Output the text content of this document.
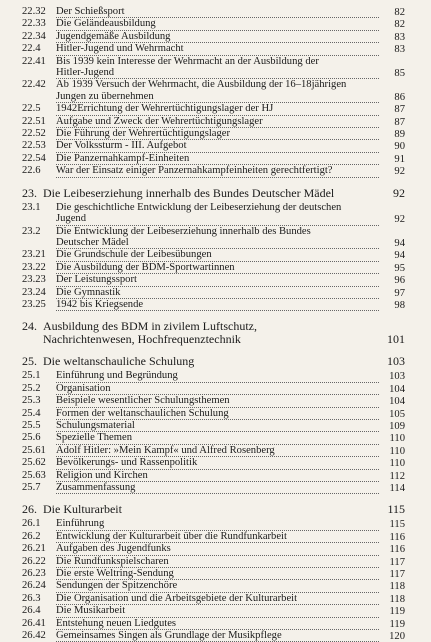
22.32 Der Schießsport	82
22.33 Die Geländeausbildung	82
22.34 Jugendgemäße Ausbildung	83
22.4	Hitler-Jugend und Wehrmacht	83
22.41 Bis 1939 kein Interesse der Wehrmacht an der Ausbildung der Hitler-Jugend	85
22.42 Ab 1939 Versuch der Wehrmacht, die Ausbildung der 16–18jährigen Jungen zu übernehmen	86
22.5	1942Errichtung der Wehrertüchtigungslager der HJ	87
22.51 Aufgabe und Zweck der Wehrertüchtigungslager	87
22.52 Die Führung der Wehrertüchtigungslager	89
22.53 Der Volkssturm - III. Aufgebot	90
22.54 Die Panzernahkampf-Einheiten	91
22.6	War der Einsatz einiger Panzernahkampfeinheiten gerechtfertigt?	92
23. Die Leibeserziehung innerhalb des Bundes Deutscher Mädel	92
23.1	Die geschichtliche Entwicklung der Leibeserziehung der deutschen Jugend	92
23.2	Die Entwicklung der Leibeserziehung innerhalb des Bundes Deutscher Mädel	94
23.21 Die Grundschule der Leibesübungen	94
23.22 Die Ausbildung der BDM-Sportwartinnen	95
23.23 Der Leistungssport	96
23.24 Die Gymnastik	97
23.25 1942 bis Kriegsende	98
24. Ausbildung des BDM in zivilem Luftschutz, Nachrichtenwesen, Hochfrequenztechnik	101
25. Die weltanschauliche Schulung	103
25.1	Einführung und Begründung	103
25.2	Organisation	104
25.3	Beispiele wesentlicher Schulungsthemen	104
25.4	Formen der weltanschaulichen Schulung	105
25.5	Schulungsmaterial	109
25.6	Spezielle Themen	110
25.61 Adolf Hitler: »Mein Kampf« und Alfred Rosenberg	110
25.62 Bevölkerungs- und Rassenpolitik	110
25.63 Religion und Kirchen	112
25.7	Zusammenfassung	114
26. Die Kulturarbeit	115
26.1	Einführung	115
26.2	Entwicklung der Kulturarbeit über die Rundfunkarbeit	116
26.21 Aufgaben des Jugendfunks	116
26.22 Die Rundfunkspielscharen	117
26.23 Die erste Weltring-Sendung	117
26.24 Sendungen der Spitzenchöre	118
26.3	Die Organisation und die Arbeitsgebiete der Kulturarbeit	118
26.4	Die Musikarbeit	119
26.41 Entstehung neuen Liedgutes	119
26.42 Gemeinsames Singen als Grundlage der Musikpflege	120
